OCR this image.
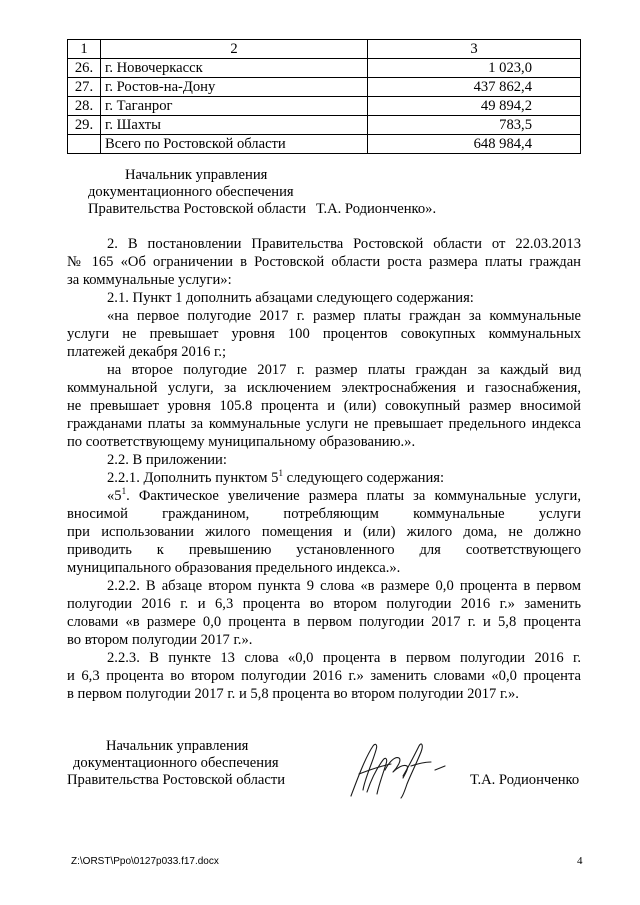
1	2	3
26.	г. Новочеркасск	1 023,0
27.	г. Ростов-на-Дону	437 862,4
28.	г. Таганрог	49 894,2
29.	г. Шахты	783,5
	Всего по Ростовской области	648 984,4
Начальник управления
документационного обеспечения
Правительства Ростовской области Т.А. Родионченко».
2. В постановлении Правительства Ростовской области от 22.03.2013
№ 165 «Об ограничении в Ростовской области роста размера платы граждан
за коммунальные услуги»:
2.1. Пункт 1 дополнить абзацами следующего содержания:
«на первое полугодие 2017 г. размер платы граждан за коммунальные
услуги не превышает уровня 100 процентов совокупных коммунальных
платежей декабря 2016 г.;
на второе полугодие 2017 г. размер платы граждан за каждый вид
коммунальной услуги, за исключением электроснабжения и газоснабжения,
не превышает уровня 105.8 процента и (или) совокупный размер вносимой
гражданами платы за коммунальные услуги не превышает предельного индекса
по соответствующему муниципальному образованию.».
2.2. В приложении:
2.2.1. Дополнить пунктом $5^1$ следующего содержания:
«$5^1$. Фактическое увеличение размера платы за коммунальные услуги,
вносимой гражданином, потребляющим коммунальные услуги
при использовании жилого помещения и (или) жилого дома, не должно
приводить к превышению установленного для соответствующего
муниципального образования предельного индекса.».
2.2.2. В абзаце втором пункта 9 слова «в размере 0,0 процента в первом
полугодии 2016 г. и 6,3 процента во втором полугодии 2016 г.» заменить
словами «в размере 0,0 процента в первом полугодии 2017 г. и 5,8 процента
во втором полугодии 2017 г.».
2.2.3. В пункте 13 слова «0,0 процента в первом полугодии 2016 г.
и 6,3 процента во втором полугодии 2016 г.» заменить словами «0,0 процента
в первом полугодии 2017 г. и 5,8 процента во втором полугодии 2017 г.».
Начальник управления
документационного обеспечения
Правительства Ростовской области	Т.А. Родионченко
Z:\ORST\Ppo\0127p033.f17.docx	4
